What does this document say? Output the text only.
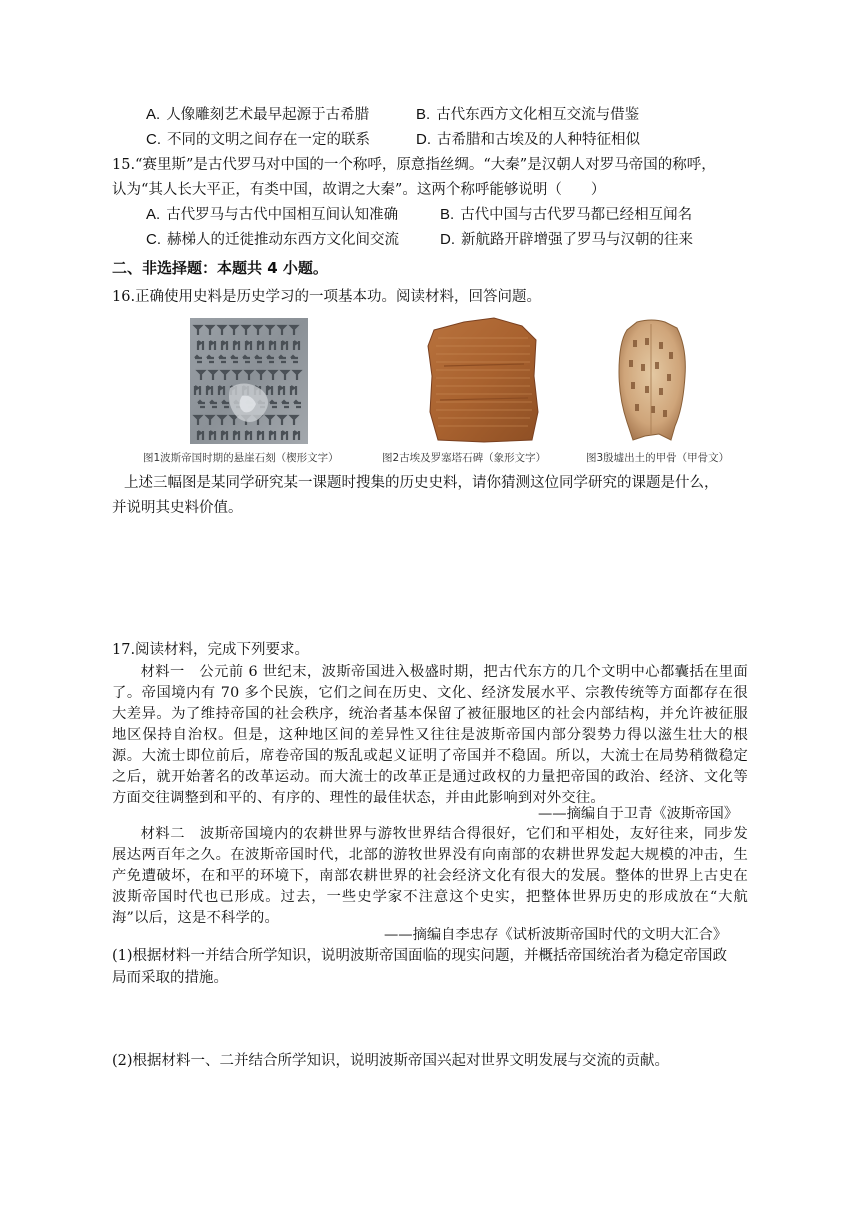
A. 人像雕刻艺术最早起源于古希腊	B. 古代东西方文化相互交流与借鉴
C. 不同的文明之间存在一定的联系	D. 古希腊和古埃及的人种特征相似
15.“赛里斯”是古代罗马对中国的一个称呼，原意指丝绸。“大秦”是汉朝人对罗马帝国的称呼，
认为“其人长大平正，有类中国，故谓之大秦”。这两个称呼能够说明（　　）
A. 古代罗马与古代中国相互间认知准确	B. 古代中国与古代罗马都已经相互闻名
C. 赫梯人的迁徙推动东西方文化间交流	D. 新航路开辟增强了罗马与汉朝的往来
二、非选择题：本题共 4 小题。
16.正确使用史料是历史学习的一项基本功。阅读材料，回答问题。
图1波斯帝国时期的悬崖石刻（楔形文字）	图2古埃及罗塞塔石碑（象形文字）	图3殷墟出土的甲骨（甲骨文）
上述三幅图是某同学研究某一课题时搜集的历史史料，请你猜测这位同学研究的课题是什么，
并说明其史料价值。
17.阅读材料，完成下列要求。
材料一　公元前 6 世纪末，波斯帝国进入极盛时期，把古代东方的几个文明中心都囊括在里面了。帝国境内有 70 多个民族，它们之间在历史、文化、经济发展水平、宗教传统等方面都存在很大差异。为了维持帝国的社会秩序，统治者基本保留了被征服地区的社会内部结构，并允许被征服地区保持自治权。但是，这种地区间的差异性又往往是波斯帝国内部分裂势力得以滋生壮大的根源。大流士即位前后，席卷帝国的叛乱或起义证明了帝国并不稳固。所以，大流士在局势稍微稳定之后，就开始著名的改革运动。而大流士的改革正是通过政权的力量把帝国的政治、经济、文化等方面交往调整到和平的、有序的、理性的最佳状态，并由此影响到对外交往。
——摘编自于卫青《波斯帝国》
材料二　波斯帝国境内的农耕世界与游牧世界结合得很好，它们和平相处，友好往来，同步发展达两百年之久。在波斯帝国时代，北部的游牧世界没有向南部的农耕世界发起大规模的冲击，生产免遭破坏，在和平的环境下，南部农耕世界的社会经济文化有很大的发展。整体的世界上古史在波斯帝国时代也已形成。过去，一些史学家不注意这个史实，把整体世界历史的形成放在“大航海”以后，这是不科学的。
——摘编自李忠存《试析波斯帝国时代的文明大汇合》
(1)根据材料一并结合所学知识，说明波斯帝国面临的现实问题，并概括帝国统治者为稳定帝国政
局而采取的措施。
(2)根据材料一、二并结合所学知识，说明波斯帝国兴起对世界文明发展与交流的贡献。
